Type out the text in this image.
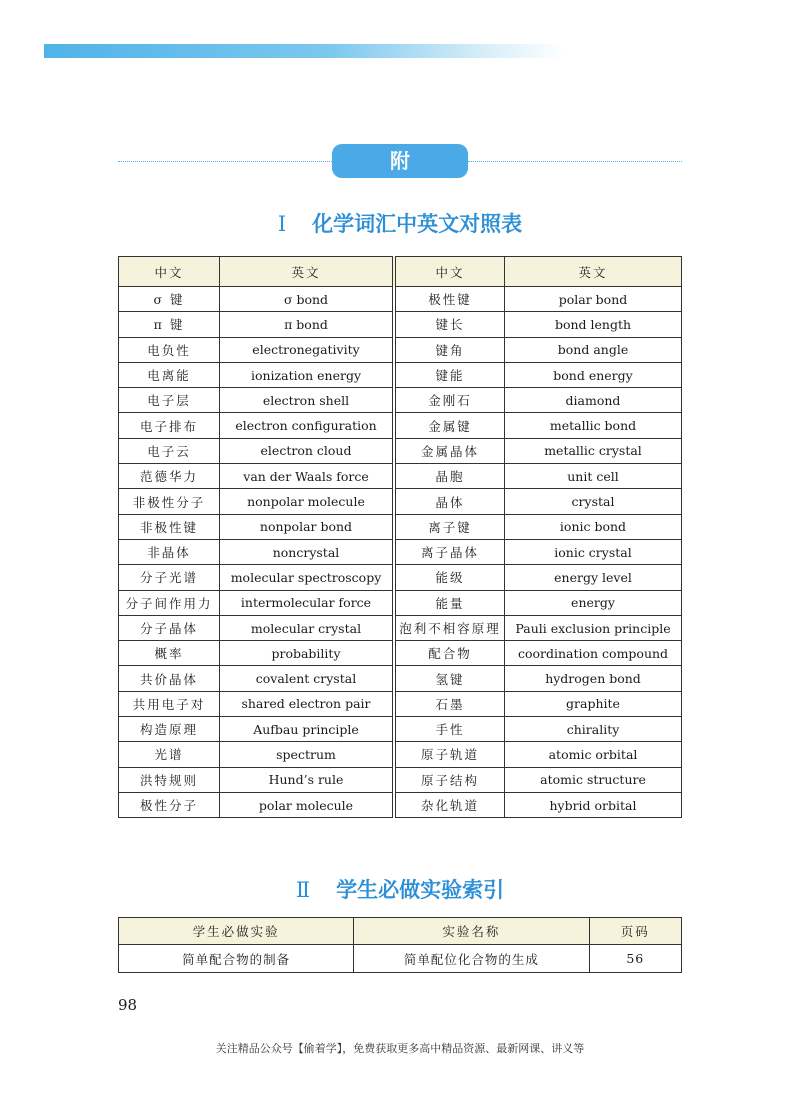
附录
Ⅰ 化学词汇中英文对照表
中文	英文	中文	英文
σ 键	σ bond	极性键	polar bond
π 键	π bond	键长	bond length
电负性	electronegativity	键角	bond angle
电离能	ionization energy	键能	bond energy
电子层	electron shell	金刚石	diamond
电子排布	electron configuration	金属键	metallic bond
电子云	electron cloud	金属晶体	metallic crystal
范德华力	van der Waals force	晶胞	unit cell
非极性分子	nonpolar molecule	晶体	crystal
非极性键	nonpolar bond	离子键	ionic bond
非晶体	noncrystal	离子晶体	ionic crystal
分子光谱	molecular spectroscopy	能级	energy level
分子间作用力	intermolecular force	能量	energy
分子晶体	molecular crystal	泡利不相容原理	Pauli exclusion principle
概率	probability	配合物	coordination compound
共价晶体	covalent crystal	氢键	hydrogen bond
共用电子对	shared electron pair	石墨	graphite
构造原理	Aufbau principle	手性	chirality
光谱	spectrum	原子轨道	atomic orbital
洪特规则	Hund’s rule	原子结构	atomic structure
极性分子	polar molecule	杂化轨道	hybrid orbital
Ⅱ 学生必做实验索引
学生必做实验	实验名称	页码
简单配合物的制备	简单配位化合物的生成	56
98
关注精品公众号【偷着学】，免费获取更多高中精品资源、最新网课、讲义等
